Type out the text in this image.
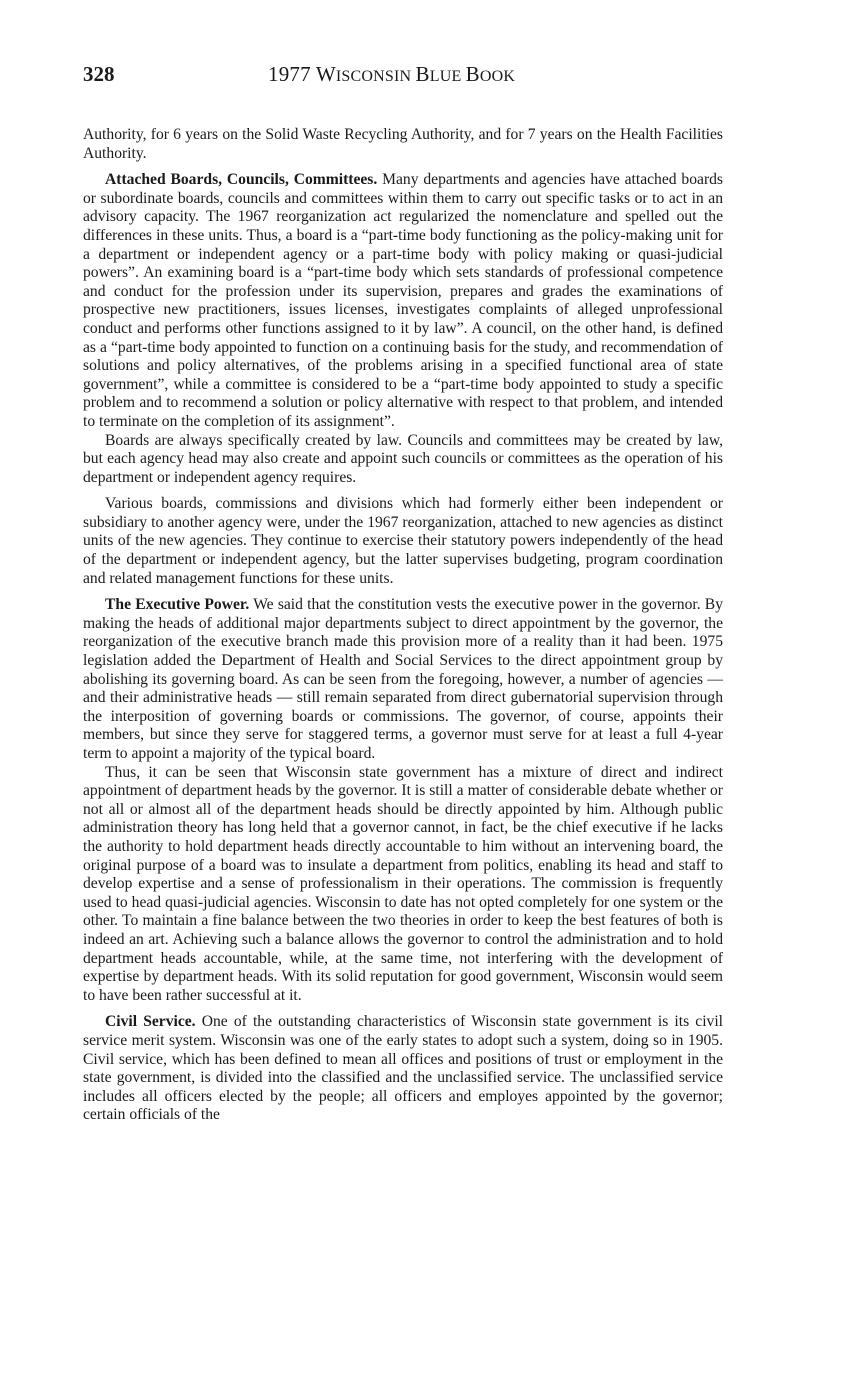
328	1977 WISCONSIN BLUE BOOK

Authority, for 6 years on the Solid Waste Recycling Authority, and for 7 years on the Health Facilities Authority.

Attached Boards, Councils, Committees. Many departments and agencies have attached boards or subordinate boards, councils and committees within them to carry out specific tasks or to act in an advisory capacity. The 1967 reorganization act regularized the nomenclature and spelled out the differences in these units. Thus, a board is a “part-time body functioning as the policy-making unit for a department or independent agency or a part-time body with policy making or quasi-judicial powers”. An examining board is a “part-time body which sets standards of professional competence and conduct for the profession under its supervision, prepares and grades the examinations of prospective new practitioners, issues licenses, investigates complaints of alleged unprofessional conduct and performs other functions assigned to it by law”. A council, on the other hand, is defined as a “part-time body appointed to function on a continuing basis for the study, and recommendation of solutions and policy alternatives, of the problems arising in a specified functional area of state government”, while a committee is considered to be a “part-time body appointed to study a specific problem and to recommend a solution or policy alternative with respect to that problem, and intended to terminate on the completion of its assignment”.

Boards are always specifically created by law. Councils and committees may be created by law, but each agency head may also create and appoint such councils or committees as the operation of his department or independent agency requires.

Various boards, commissions and divisions which had formerly either been independent or subsidiary to another agency were, under the 1967 reorganization, attached to new agencies as distinct units of the new agencies. They continue to exercise their statutory powers independently of the head of the department or independent agency, but the latter supervises budgeting, program coordination and related management functions for these units.

The Executive Power. We said that the constitution vests the executive power in the governor. By making the heads of additional major departments subject to direct appointment by the governor, the reorganization of the executive branch made this provision more of a reality than it had been. 1975 legislation added the Department of Health and Social Services to the direct appointment group by abolishing its governing board. As can be seen from the foregoing, however, a number of agencies — and their administrative heads — still remain separated from direct gubernatorial supervision through the interposition of governing boards or commissions. The governor, of course, appoints their members, but since they serve for staggered terms, a governor must serve for at least a full 4-year term to appoint a majority of the typical board.

Thus, it can be seen that Wisconsin state government has a mixture of direct and indirect appointment of department heads by the governor. It is still a matter of considerable debate whether or not all or almost all of the department heads should be directly appointed by him. Although public administration theory has long held that a governor cannot, in fact, be the chief executive if he lacks the authority to hold department heads directly accountable to him without an intervening board, the original purpose of a board was to insulate a department from politics, enabling its head and staff to develop expertise and a sense of professionalism in their operations. The commission is frequently used to head quasi-judicial agencies. Wisconsin to date has not opted completely for one system or the other. To maintain a fine balance between the two theories in order to keep the best features of both is indeed an art. Achieving such a balance allows the governor to control the administration and to hold department heads accountable, while, at the same time, not interfering with the development of expertise by department heads. With its solid reputation for good government, Wisconsin would seem to have been rather successful at it.

Civil Service. One of the outstanding characteristics of Wisconsin state government is its civil service merit system. Wisconsin was one of the early states to adopt such a system, doing so in 1905. Civil service, which has been defined to mean all offices and positions of trust or employment in the state government, is divided into the classified and the unclassified service. The unclassified service includes all officers elected by the people; all officers and employes appointed by the governor; certain officials of the
